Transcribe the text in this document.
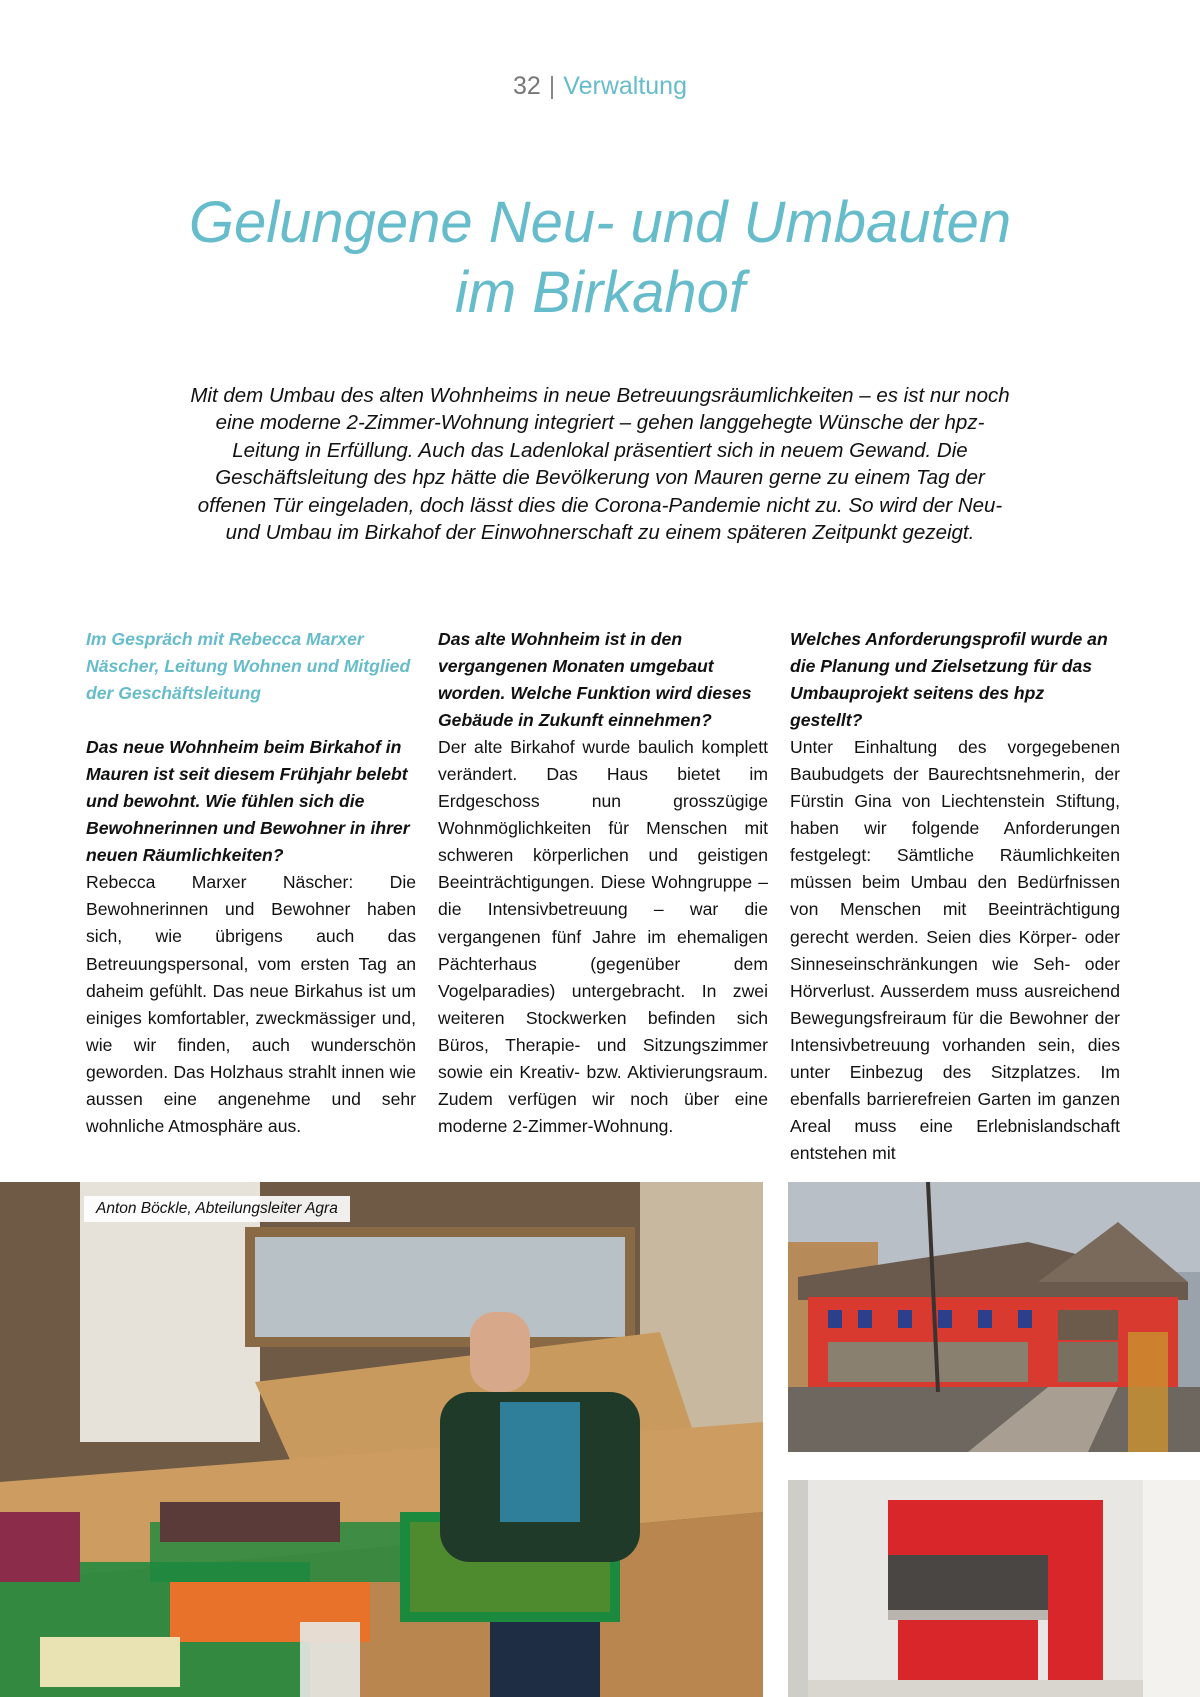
32 | Verwaltung
Gelungene Neu- und Umbauten
im Birkahof

Mit dem Umbau des alten Wohnheims in neue Betreuungsräumlichkeiten – es ist nur noch eine moderne 2-Zimmer-Wohnung integriert – gehen langgehegte Wünsche der hpz-Leitung in Erfüllung. Auch das Ladenlokal präsentiert sich in neuem Gewand. Die Geschäftsleitung des hpz hätte die Bevölkerung von Mauren gerne zu einem Tag der offenen Tür eingeladen, doch lässt dies die Corona-Pandemie nicht zu. So wird der Neu- und Umbau im Birkahof der Einwohnerschaft zu einem späteren Zeitpunkt gezeigt.

Im Gespräch mit Rebecca Marxer Näscher, Leitung Wohnen und Mitglied der Geschäftsleitung

Das neue Wohnheim beim Birkahof in Mauren ist seit diesem Frühjahr belebt und bewohnt. Wie fühlen sich die Bewohnerinnen und Bewohner in ihrer neuen Räumlichkeiten?

Rebecca Marxer Näscher: Die Bewohnerinnen und Bewohner haben sich, wie übrigens auch das Betreuungspersonal, vom ersten Tag an daheim gefühlt. Das neue Birkahus ist um einiges komfortabler, zweckmässiger und, wie wir finden, auch wunderschön geworden. Das Holzhaus strahlt innen wie aussen eine angenehme und sehr wohnliche Atmosphäre aus.

Das alte Wohnheim ist in den vergangenen Monaten umgebaut worden. Welche Funktion wird dieses Gebäude in Zukunft einnehmen?

Der alte Birkahof wurde baulich komplett verändert. Das Haus bietet im Erdgeschoss nun grosszügige Wohnmöglichkeiten für Menschen mit schweren körperlichen und geistigen Beeinträchtigungen. Diese Wohngruppe – die Intensivbetreuung – war die vergangenen fünf Jahre im ehemaligen Pächterhaus (gegenüber dem Vogelparadies) untergebracht. In zwei weiteren Stockwerken befinden sich Büros, Therapie- und Sitzungszimmer sowie ein Kreativ- bzw. Aktivierungsraum. Zudem verfügen wir noch über eine moderne 2-Zimmer-Wohnung.

Welches Anforderungsprofil wurde an die Planung und Zielsetzung für das Umbauprojekt seitens des hpz gestellt?

Unter Einhaltung des vorgegebenen Baubudgets der Baurechtsnehmerin, der Fürstin Gina von Liechtenstein Stiftung, haben wir folgende Anforderungen festgelegt: Sämtliche Räumlichkeiten müssen beim Umbau den Bedürfnissen von Menschen mit Beeinträchtigung gerecht werden. Seien dies Körper- oder Sinneseinschränkungen wie Seh- oder Hörverlust. Ausserdem muss ausreichend Bewegungsfreiraum für die Bewohner der Intensivbetreuung vorhanden sein, dies unter Einbezug des Sitzplatzes. Im ebenfalls barrierefreien Garten im ganzen Areal muss eine Erlebnislandschaft entstehen mit

Anton Böckle, Abteilungsleiter Agra
